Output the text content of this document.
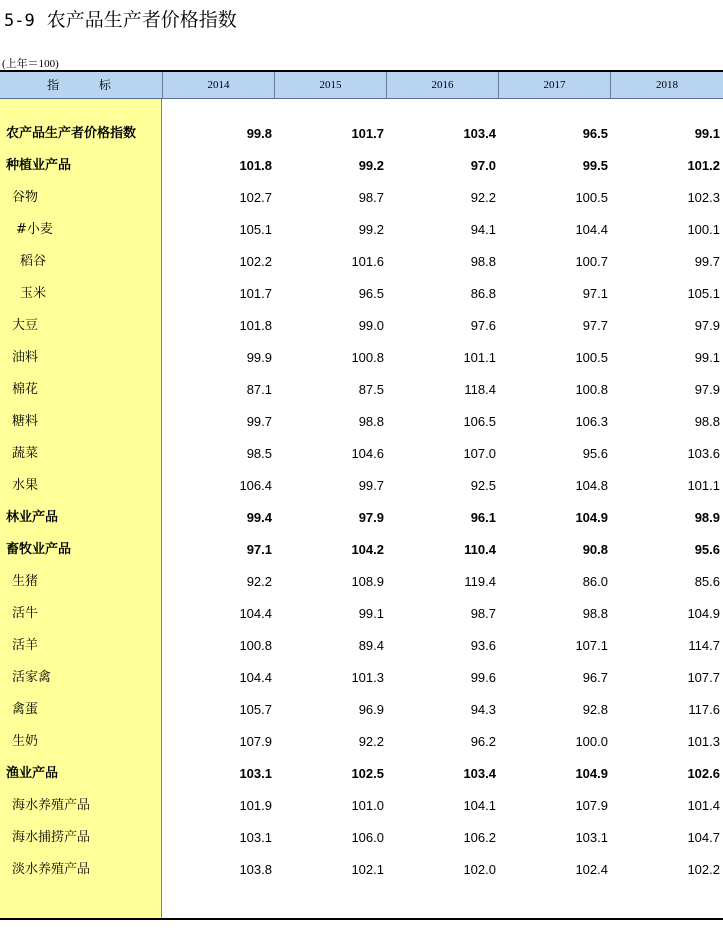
5-9 农产品生产者价格指数
(上年＝100)
指 标	2014	2015	2016	2017	2018
农产品生产者价格指数	99.8	101.7	103.4	96.5	99.1
种植业产品	101.8	99.2	97.0	99.5	101.2
谷物	102.7	98.7	92.2	100.5	102.3
#小麦	105.1	99.2	94.1	104.4	100.1
稻谷	102.2	101.6	98.8	100.7	99.7
玉米	101.7	96.5	86.8	97.1	105.1
大豆	101.8	99.0	97.6	97.7	97.9
油料	99.9	100.8	101.1	100.5	99.1
棉花	87.1	87.5	118.4	100.8	97.9
糖料	99.7	98.8	106.5	106.3	98.8
蔬菜	98.5	104.6	107.0	95.6	103.6
水果	106.4	99.7	92.5	104.8	101.1
林业产品	99.4	97.9	96.1	104.9	98.9
畜牧业产品	97.1	104.2	110.4	90.8	95.6
生猪	92.2	108.9	119.4	86.0	85.6
活牛	104.4	99.1	98.7	98.8	104.9
活羊	100.8	89.4	93.6	107.1	114.7
活家禽	104.4	101.3	99.6	96.7	107.7
禽蛋	105.7	96.9	94.3	92.8	117.6
生奶	107.9	92.2	96.2	100.0	101.3
渔业产品	103.1	102.5	103.4	104.9	102.6
海水养殖产品	101.9	101.0	104.1	107.9	101.4
海水捕捞产品	103.1	106.0	106.2	103.1	104.7
淡水养殖产品	103.8	102.1	102.0	102.4	102.2
